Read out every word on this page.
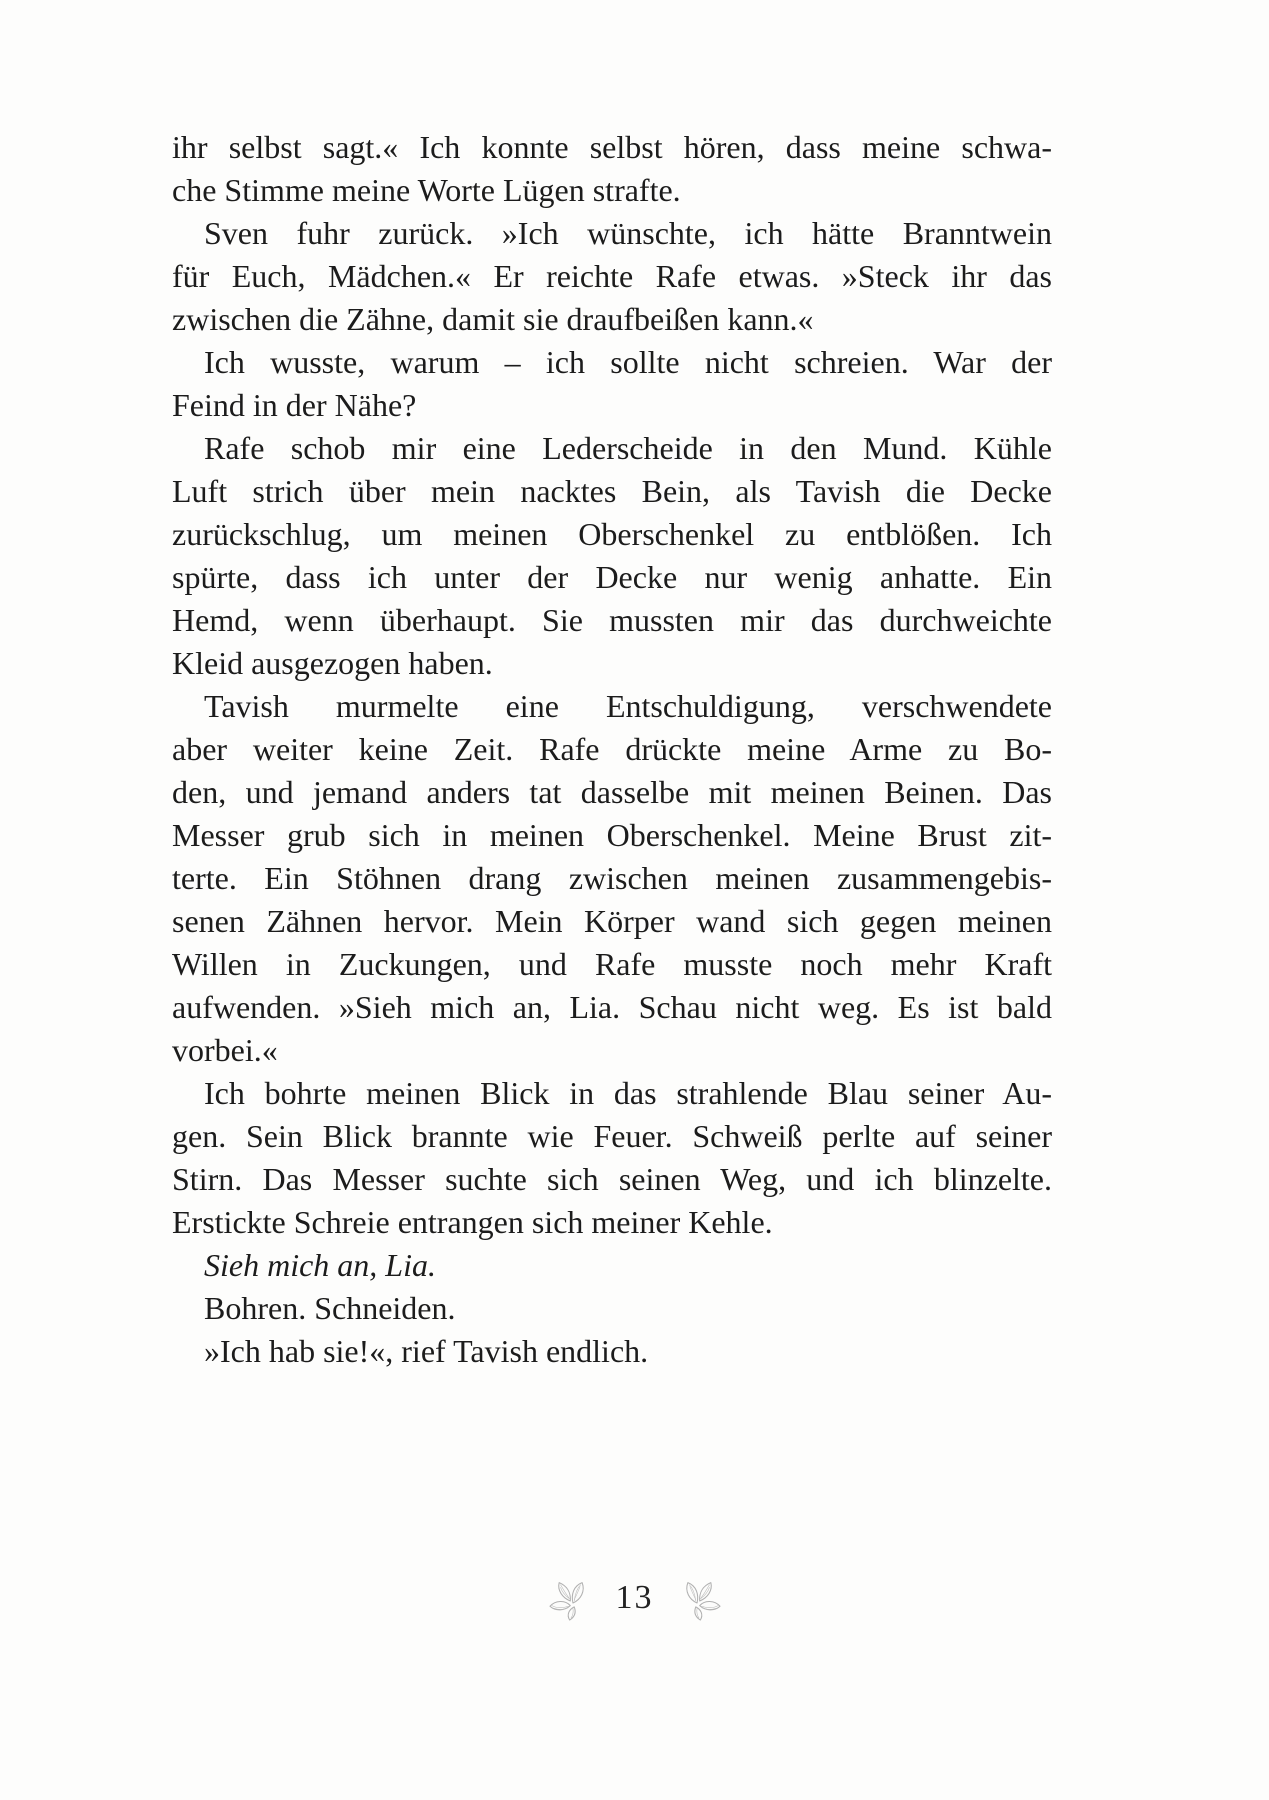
ihr selbst sagt.« Ich konnte selbst hören, dass meine schwa-
che Stimme meine Worte Lügen strafte.
Sven fuhr zurück. »Ich wünschte, ich hätte Branntwein
für Euch, Mädchen.« Er reichte Rafe etwas. »Steck ihr das
zwischen die Zähne, damit sie draufbeißen kann.«
Ich wusste, warum – ich sollte nicht schreien. War der
Feind in der Nähe?
Rafe schob mir eine Lederscheide in den Mund. Kühle
Luft strich über mein nacktes Bein, als Tavish die Decke
zurückschlug, um meinen Oberschenkel zu entblößen. Ich
spürte, dass ich unter der Decke nur wenig anhatte. Ein
Hemd, wenn überhaupt. Sie mussten mir das durchweichte
Kleid ausgezogen haben.
Tavish murmelte eine Entschuldigung, verschwendete
aber weiter keine Zeit. Rafe drückte meine Arme zu Bo-
den, und jemand anders tat dasselbe mit meinen Beinen. Das
Messer grub sich in meinen Oberschenkel. Meine Brust zit-
terte. Ein Stöhnen drang zwischen meinen zusammengebis-
senen Zähnen hervor. Mein Körper wand sich gegen meinen
Willen in Zuckungen, und Rafe musste noch mehr Kraft
aufwenden. »Sieh mich an, Lia. Schau nicht weg. Es ist bald
vorbei.«
Ich bohrte meinen Blick in das strahlende Blau seiner Au-
gen. Sein Blick brannte wie Feuer. Schweiß perlte auf seiner
Stirn. Das Messer suchte sich seinen Weg, und ich blinzelte.
Erstickte Schreie entrangen sich meiner Kehle.
Sieh mich an, Lia.
Bohren. Schneiden.
»Ich hab sie!«, rief Tavish endlich.
13
